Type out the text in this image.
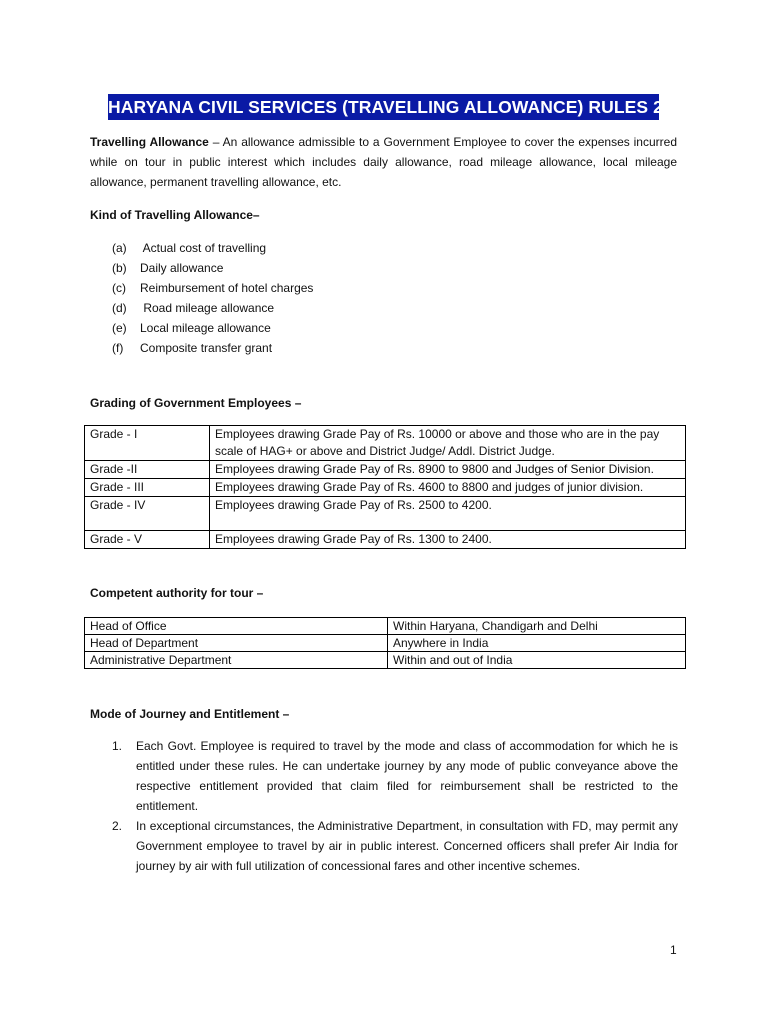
HARYANA CIVIL SERVICES (TRAVELLING ALLOWANCE) RULES 2016
Travelling Allowance – An allowance admissible to a Government Employee to cover the expenses incurred while on tour in public interest which includes daily allowance, road mileage allowance, local mileage allowance, permanent travelling allowance, etc.
Kind of Travelling Allowance–
(a) Actual cost of travelling
(b) Daily allowance
(c) Reimbursement of hotel charges
(d) Road mileage allowance
(e) Local mileage allowance
(f) Composite transfer grant
Grading of Government Employees –
Grade - I	Employees drawing Grade Pay of Rs. 10000 or above and those who are in the pay scale of HAG+ or above and District Judge/ Addl. District Judge.
Grade -II	Employees drawing Grade Pay of Rs. 8900 to 9800 and Judges of Senior Division.
Grade - III	Employees drawing Grade Pay of Rs. 4600 to 8800 and judges of junior division.
Grade - IV	Employees drawing Grade Pay of Rs. 2500 to 4200.
Grade - V	Employees drawing Grade Pay of Rs. 1300 to 2400.
Competent authority for tour –
Head of Office	Within Haryana, Chandigarh and Delhi
Head of Department	Anywhere in India
Administrative Department	Within and out of India
Mode of Journey and Entitlement –
1. Each Govt. Employee is required to travel by the mode and class of accommodation for which he is entitled under these rules. He can undertake journey by any mode of public conveyance above the respective entitlement provided that claim filed for reimbursement shall be restricted to the entitlement.
2. In exceptional circumstances, the Administrative Department, in consultation with FD, may permit any Government employee to travel by air in public interest. Concerned officers shall prefer Air India for journey by air with full utilization of concessional fares and other incentive schemes.
1
